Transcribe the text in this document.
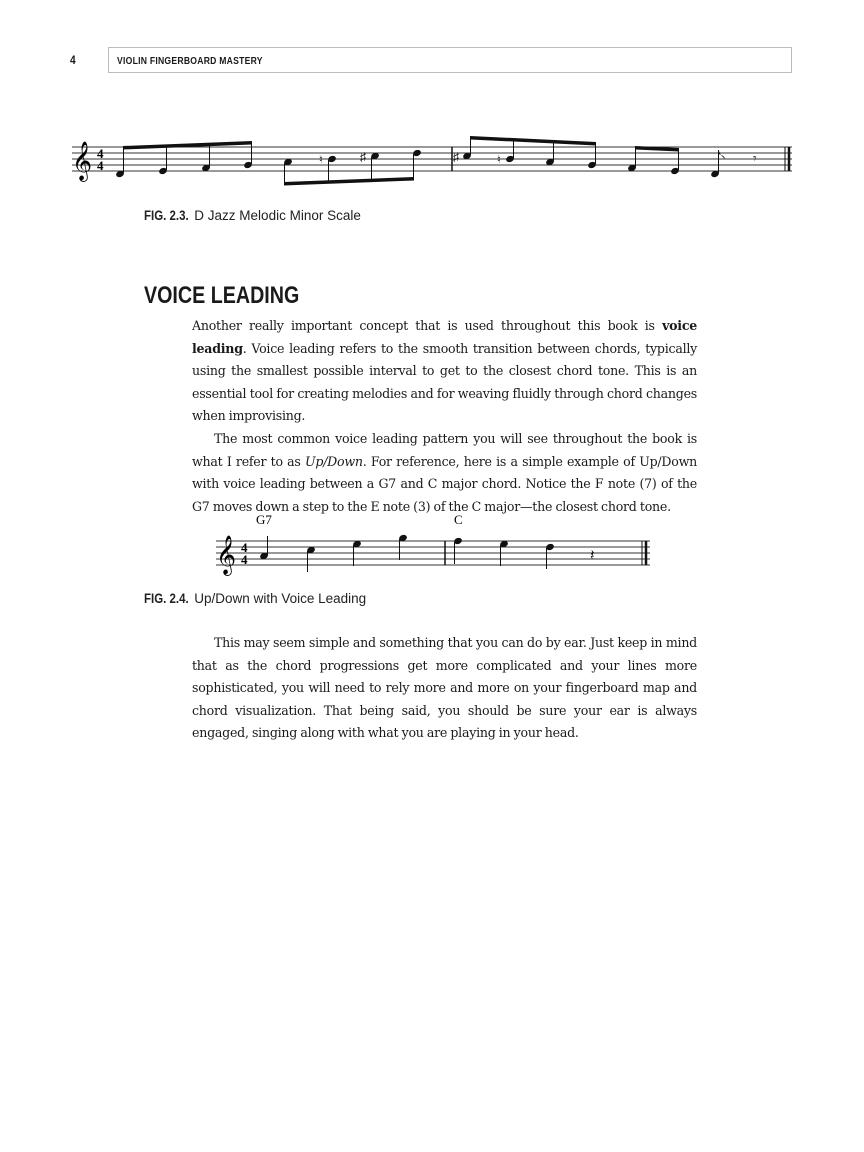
4	VIOLIN FINGERBOARD MASTERY
𝄞 4
4	♮	♯	♯	♮	𝄾
FIG. 2.3. D Jazz Melodic Minor Scale
VOICE LEADING

Another really important concept that is used throughout this book is voice leading. Voice leading refers to the smooth transition between chords, typically using the smallest possible interval to get to the closest chord tone. This is an essential tool for creating melodies and for weaving fluidly through chord changes when improvising.

The most common voice leading pattern you will see throughout the book is what I refer to as Up/Down. For reference, here is a simple example of Up/Down with voice leading between a G7 and C major chord. Notice the F note (7) of the G7 moves down a step to the E note (3) of the C major—the closest chord tone.

G7	C
𝄞 4
4	𝄽
FIG. 2.4. Up/Down with Voice Leading

This may seem simple and something that you can do by ear. Just keep in mind that as the chord progressions get more complicated and your lines more sophisticated, you will need to rely more and more on your fingerboard map and chord visualization. That being said, you should be sure your ear is always engaged, singing along with what you are playing in your head.
